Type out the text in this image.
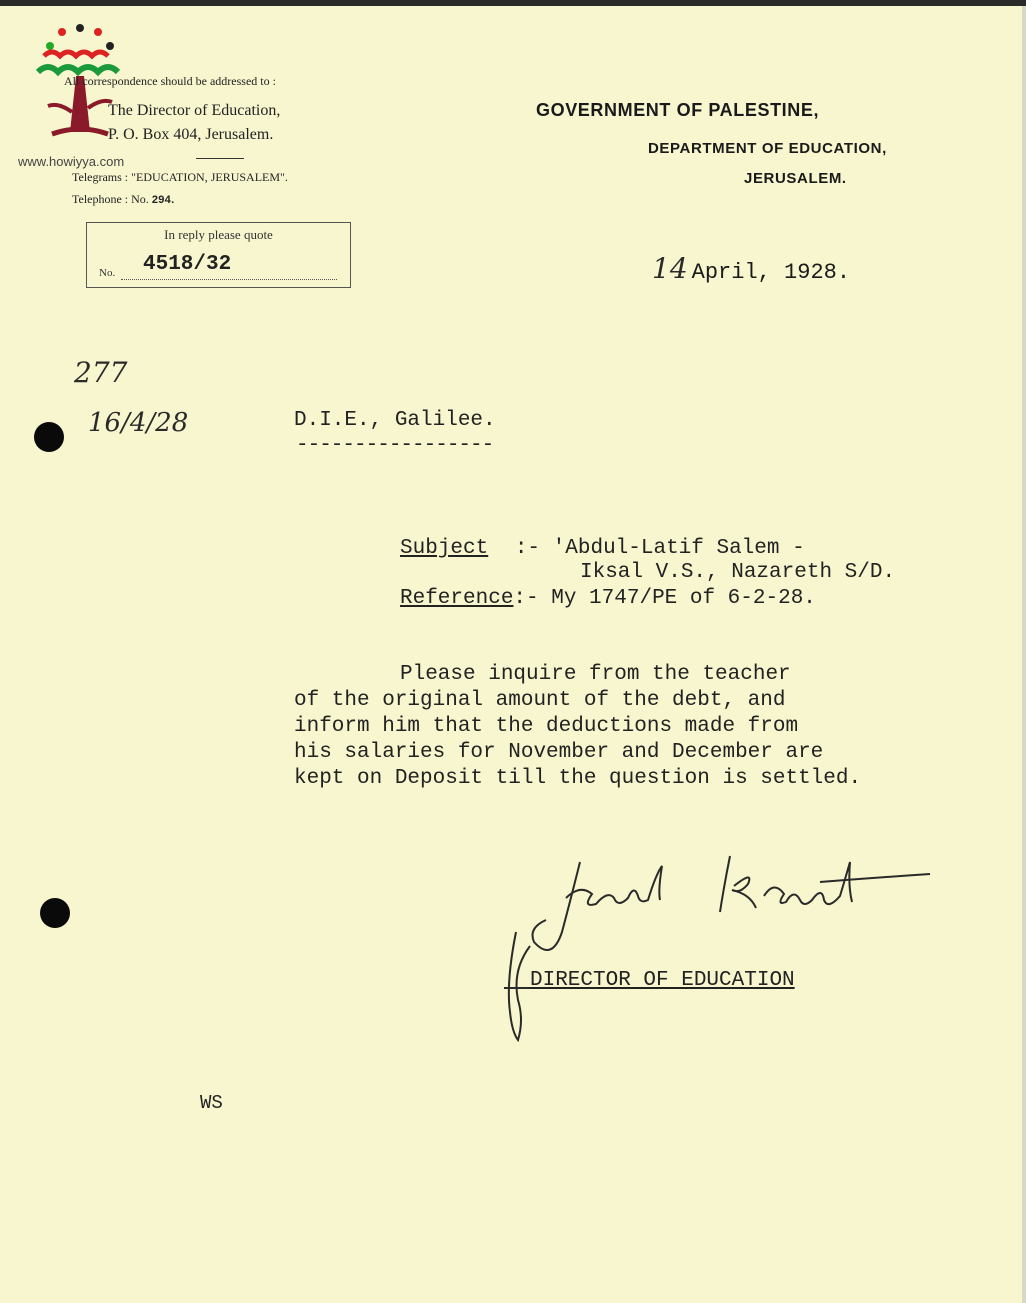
www.howiyya.com
All correspondence should be addressed to :
The Director of Education,
P. O. Box 404, Jerusalem.
Telegrams : "EDUCATION, JERUSALEM".
Telephone : No. 294.
In reply please quote
No. 4518/32
GOVERNMENT OF PALESTINE,
DEPARTMENT OF EDUCATION,
JERUSALEM.
14 April, 1928.
277
16/4/28	D.I.E., Galilee.
-----------------
Subject :- 'Abdul-Latif Salem -
Iksal V.S., Nazareth S/D.
Reference:- My 1747/PE of 6-2-28.
Please inquire from the teacher
of the original amount of the debt, and
inform him that the deductions made from
his salaries for November and December are
kept on Deposit till the question is settled.
DIRECTOR OF EDUCATION
WS
